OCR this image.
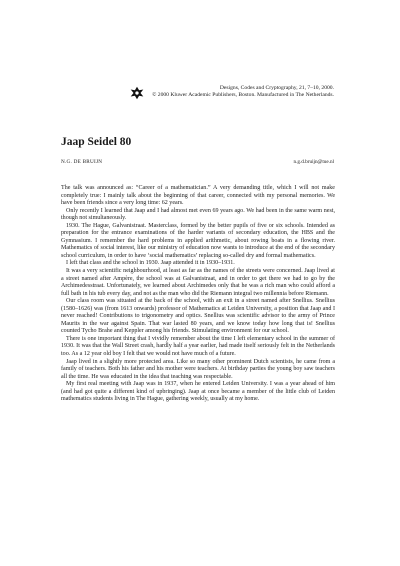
Designs, Codes and Cryptography, 21, 7–10, 2000.
© 2000 Kluwer Academic Publishers, Boston. Manufactured in The Netherlands.
Jaap Seidel 80
N.G. DE BRUIJN	n.g.d.bruijn@tue.nl

The talk was announced as: “Career of a mathematician.” A very demanding title, which I will not make completely true: I mainly talk about the beginning of that career, connected with my personal memories. We have been friends since a very long time: 62 years.

Only recently I learned that Jaap and I had almost met even 69 years ago. We had been in the same warm nest, though not simultaneously.

1930. The Hague, Galvanistraat. Masterclass, formed by the better pupils of five or six schools. Intended as preparation for the entrance examinations of the harder variants of secondary education, the HBS and the Gymnasium. I remember the hard problems in applied arithmetic, about rowing boats in a flowing river. Mathematics of social interest, like our ministry of education now wants to introduce at the end of the secondary school curriculum, in order to have ‘social mathematics’ replacing so-called dry and formal mathematics.

I left that class and the school in 1930. Jaap attended it in 1930–1931.

It was a very scientific neighbourhood, at least as far as the names of the streets were concerned. Jaap lived at a street named after Ampère, the school was at Galvanistraat, and in order to get there we had to go by the Archimedesstraat. Unfortunately, we learned about Archimedes only that he was a rich man who could afford a full bath in his tub every day, and not as the man who did the Riemann integral two millennia before Riemann.

Our class room was situated at the back of the school, with an exit in a street named after Snellius. Snellius (1580–1626) was (from 1613 onwards) professor of Mathematics at Leiden University, a position that Jaap and I never reached! Contributions to trigonometry and optics. Snellius was scientific advisor to the army of Prince Maurits in the war against Spain. That war lasted 80 years, and we know today how long that is! Snellius counted Tycho Brahe and Keppler among his friends. Stimulating environment for our school.

There is one important thing that I vividly remember about the time I left elementary school in the summer of 1930. It was that the Wall Street crash, hardly half a year earlier, had made itself seriously felt in the Netherlands too. As a 12 year old boy I felt that we would not have much of a future.

Jaap lived in a slightly more protected area. Like so many other prominent Dutch scientists, he came from a family of teachers. Both his father and his mother were teachers. At birthday parties the young boy saw teachers all the time. He was educated in the idea that teaching was respectable.

My first real meeting with Jaap was in 1937, when he entered Leiden University. I was a year ahead of him (and had got quite a different kind of upbringing). Jaap at once became a member of the little club of Leiden mathematics students living in The Hague, gathering weekly, usually at my home.
